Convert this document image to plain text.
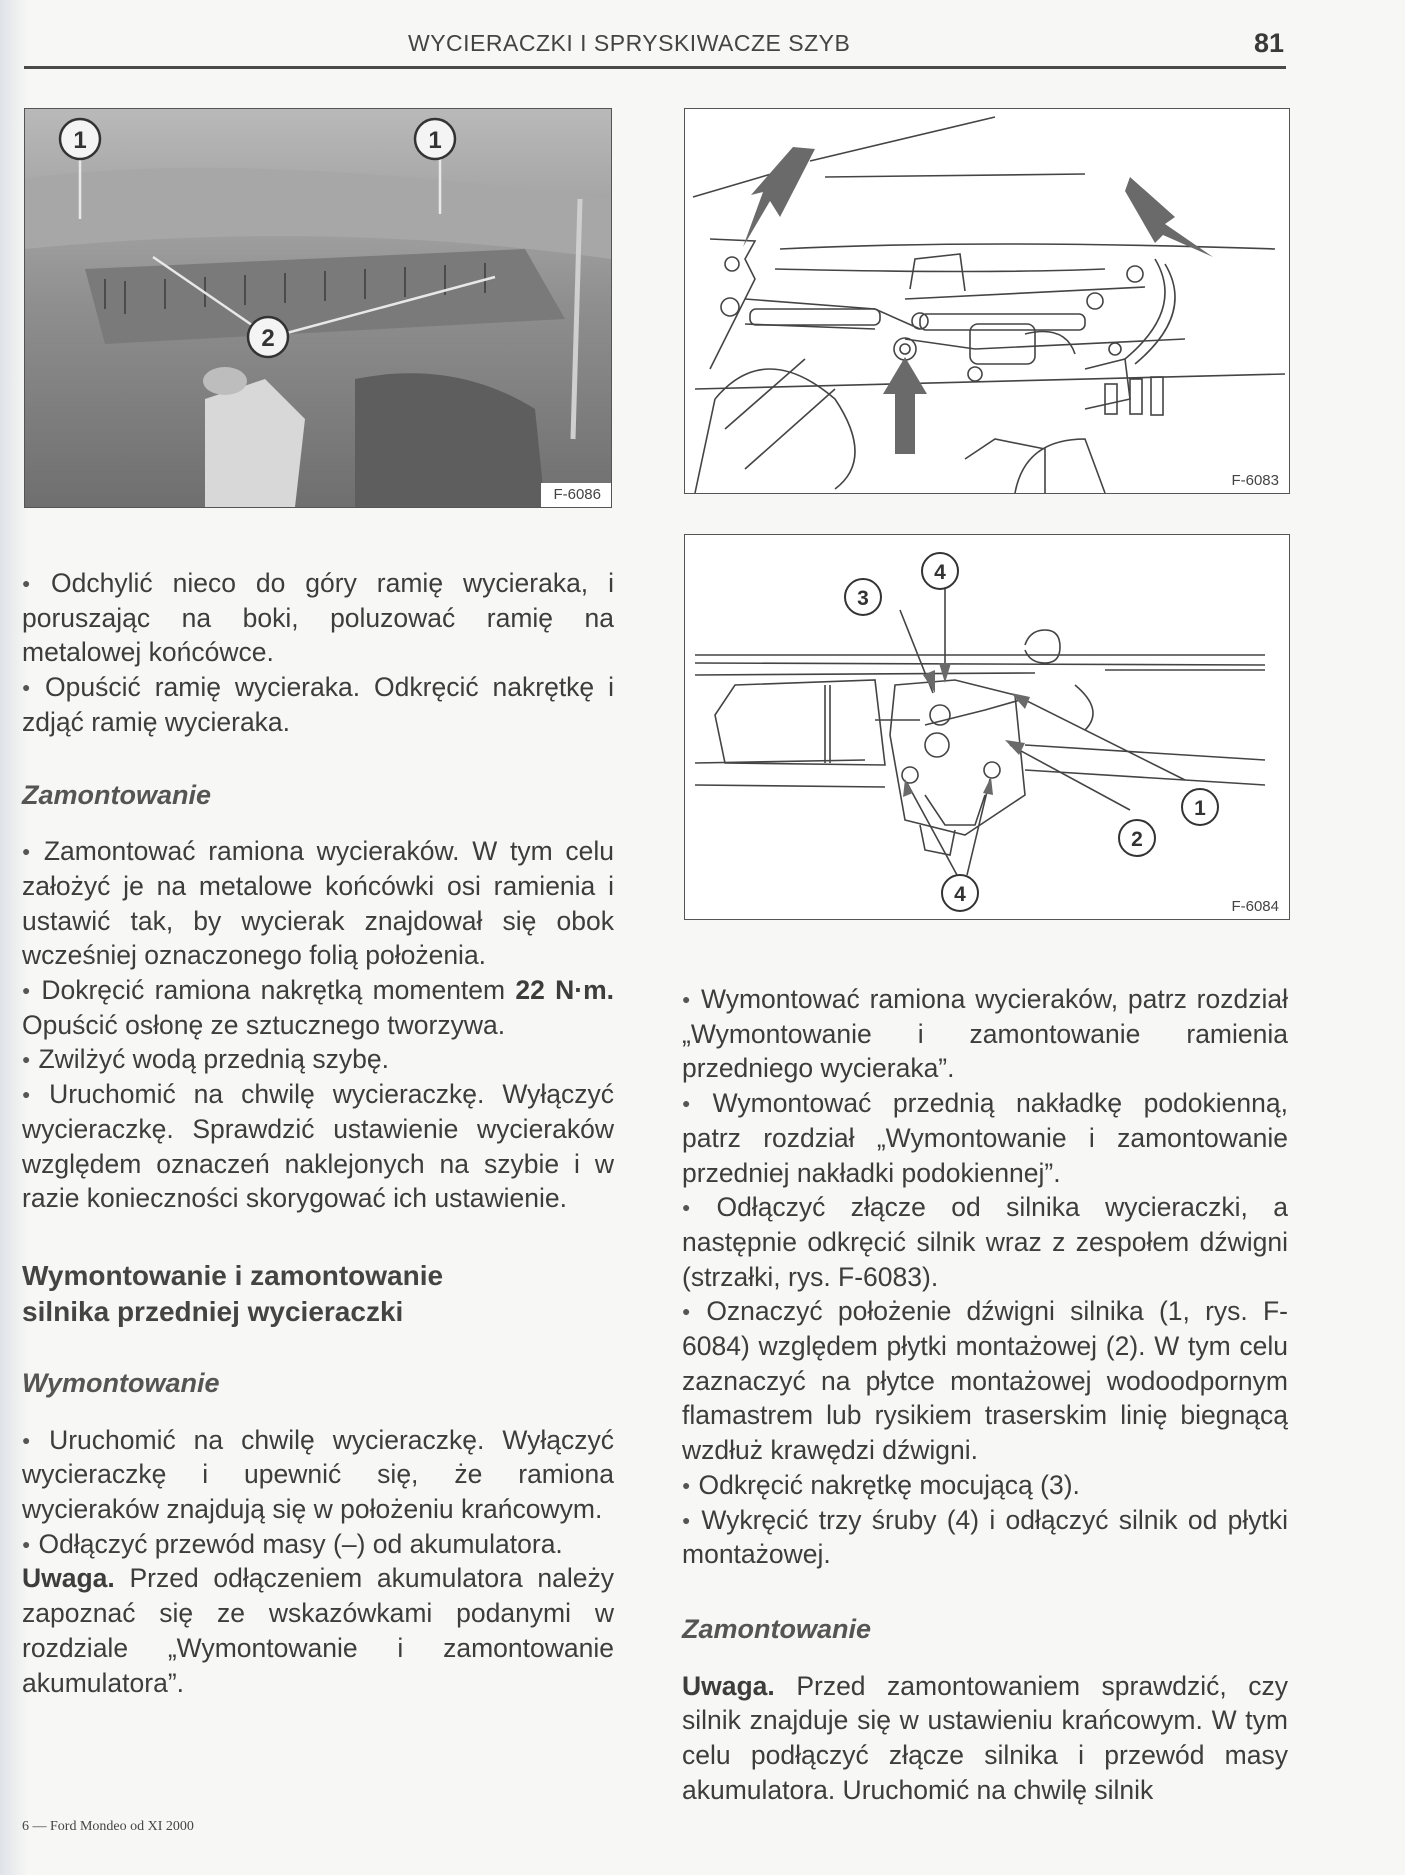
WYCIERACZKI I SPRYSKIWACZE SZYB	81
1	1
2
F-6086
F-6083
4
3
1
2
4
F-6084

● Odchylić nieco do góry ramię wycieraka, i poruszając na boki, poluzować ramię na metalowej końcówce.

● Opuścić ramię wycieraka. Odkręcić nakrętkę i zdjąć ramię wycieraka.

Zamontowanie

● Zamontować ramiona wycieraków. W tym celu założyć je na metalowe końcówki osi ramienia i ustawić tak, by wycierak znajdował się obok wcześniej oznaczonego folią położenia.

● Dokręcić ramiona nakrętką momentem 22 N·m. Opuścić osłonę ze sztucznego tworzywa.

● Zwilżyć wodą przednią szybę.

● Uruchomić na chwilę wycieraczkę. Wyłączyć wycieraczkę. Sprawdzić ustawienie wycieraków względem oznaczeń naklejonych na szybie i w razie konieczności skorygować ich ustawienie.

Wymontowanie i zamontowanie
silnika przedniej wycieraczki
Wymontowanie

● Uruchomić na chwilę wycieraczkę. Wyłączyć wycieraczkę i upewnić się, że ramiona wycieraków znajdują się w położeniu krańcowym.

● Odłączyć przewód masy (–) od akumulatora.

Uwaga. Przed odłączeniem akumulatora należy zapoznać się ze wskazówkami podanymi w rozdziale „Wymontowanie i zamontowanie akumulatora”.

● Wymontować ramiona wycieraków, patrz rozdział „Wymontowanie i zamontowanie ramienia przedniego wycieraka”.

● Wymontować przednią nakładkę podokienną, patrz rozdział „Wymontowanie i zamontowanie przedniej nakładki podokiennej”.

● Odłączyć złącze od silnika wycieraczki, a następnie odkręcić silnik wraz z zespołem dźwigni (strzałki, rys. F-6083).

● Oznaczyć położenie dźwigni silnika (1, rys. F-6084) względem płytki montażowej (2). W tym celu zaznaczyć na płytce montażowej wodoodpornym flamastrem lub rysikiem traserskim linię biegnącą wzdłuż krawędzi dźwigni.

● Odkręcić nakrętkę mocującą (3).

● Wykręcić trzy śruby (4) i odłączyć silnik od płytki montażowej.

Zamontowanie

Uwaga. Przed zamontowaniem sprawdzić, czy silnik znajduje się w ustawieniu krańcowym. W tym celu podłączyć złącze silnika i przewód masy akumulatora. Uruchomić na chwilę silnik

6 — Ford Mondeo od XI 2000
